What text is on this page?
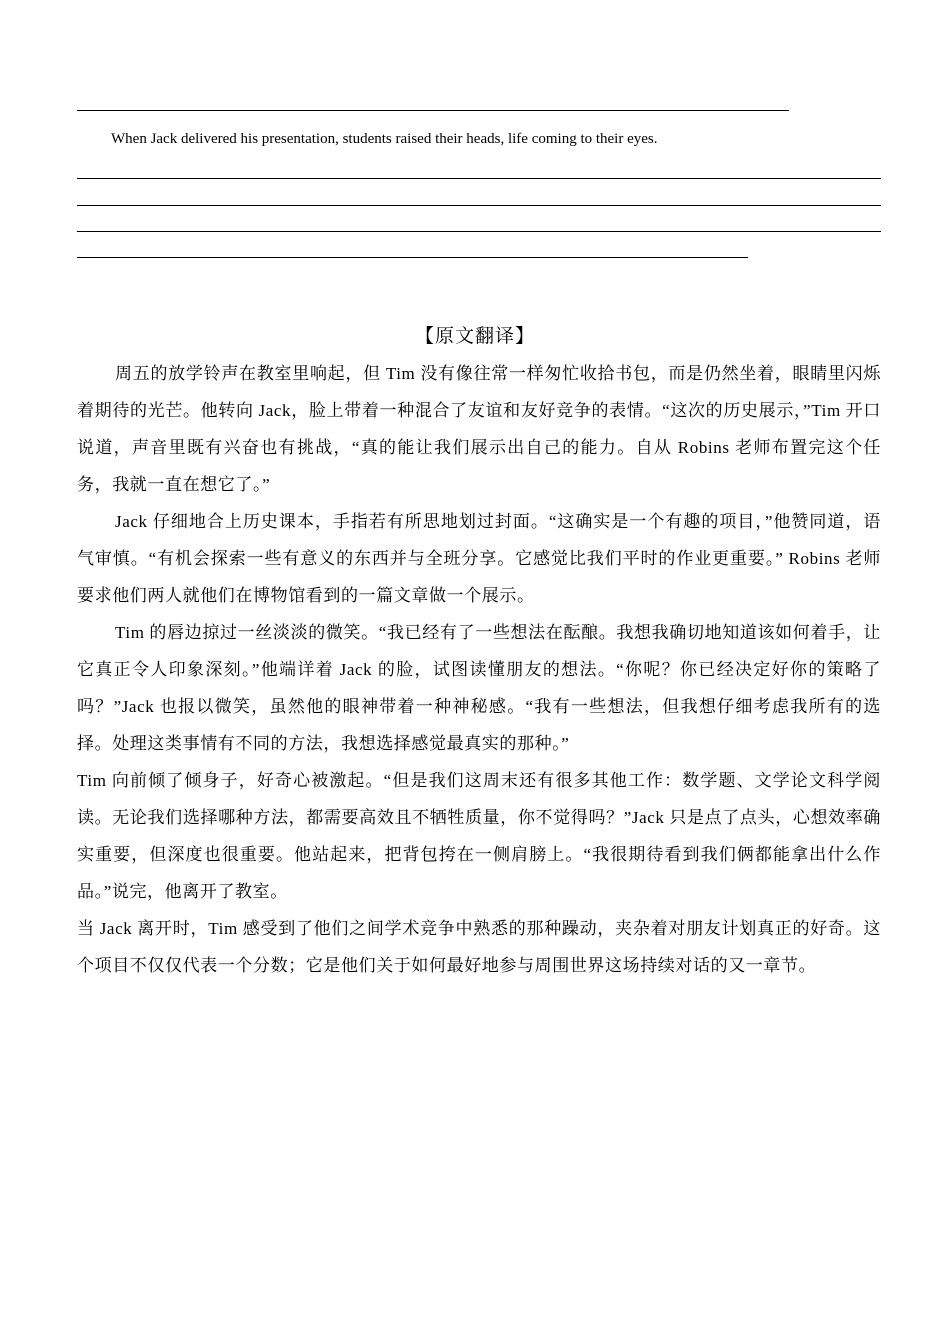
When Jack delivered his presentation, students raised their heads, life coming to their eyes.
【原文翻译】

周五的放学铃声在教室里响起，但 Tim 没有像往常一样匆忙收拾书包，而是仍然坐着，眼睛里闪烁着期待的光芒。他转向 Jack，脸上带着一种混合了友谊和友好竞争的表情。“这次的历史展示，”Tim 开口说道，声音里既有兴奋也有挑战，“真的能让我们展示出自己的能力。自从 Robins 老师布置完这个任务，我就一直在想它了。”

Jack 仔细地合上历史课本，手指若有所思地划过封面。“这确实是一个有趣的项目，”他赞同道，语气审慎。“有机会探索一些有意义的东西并与全班分享。它感觉比我们平时的作业更重要。” Robins 老师要求他们两人就他们在博物馆看到的一篇文章做一个展示。

Tim 的唇边掠过一丝淡淡的微笑。“我已经有了一些想法在酝酿。我想我确切地知道该如何着手，让它真正令人印象深刻。”他端详着 Jack 的脸，试图读懂朋友的想法。“你呢？你已经决定好你的策略了吗？”Jack 也报以微笑，虽然他的眼神带着一种神秘感。“我有一些想法，但我想仔细考虑我所有的选择。处理这类事情有不同的方法，我想选择感觉最真实的那种。”

Tim 向前倾了倾身子，好奇心被激起。“但是我们这周末还有很多其他工作：数学题、文学论文科学阅读。无论我们选择哪种方法，都需要高效且不牺牲质量，你不觉得吗？”Jack 只是点了点头，心想效率确实重要，但深度也很重要。他站起来，把背包挎在一侧肩膀上。“我很期待看到我们俩都能拿出什么作品。”说完，他离开了教室。

当 Jack 离开时，Tim 感受到了他们之间学术竞争中熟悉的那种躁动，夹杂着对朋友计划真正的好奇。这个项目不仅仅代表一个分数；它是他们关于如何最好地参与周围世界这场持续对话的又一章节。
